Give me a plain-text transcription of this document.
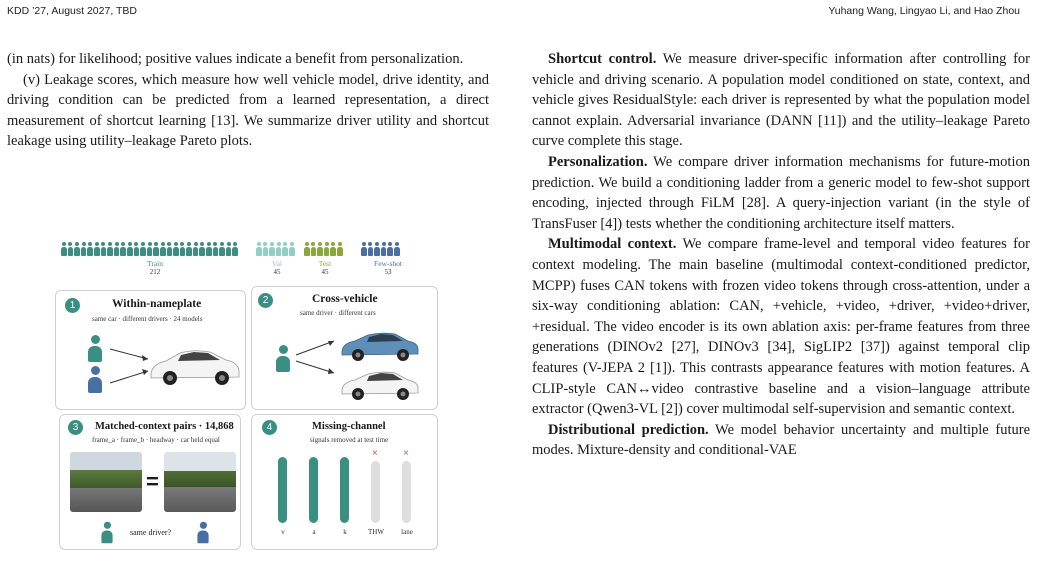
KDD ’27, August 2027, TBD	Yuhang Wang, Lingyao Li, and Hao Zhou

(in nats) for likelihood; positive values indicate a benefit from personalization.

(v) Leakage scores, which measure how well vehicle model, drive identity, and driving condition can be predicted from a learned representation, a direct measurement of shortcut learning [13]. We summarize driver utility and shortcut leakage using utility–leakage Pareto plots.

Train
212
Val
45
Test
45
Few-shot
53
1	Within-nameplate
same car · different drivers · 24 models
2	Cross-vehicle
same driver · different cars
3	Matched-context pairs · 14,868
frame_a · frame_b · headway · car held equal
=
same driver?
4	Missing-channel
signals removed at test time
v	a	k	THW
×
lane
×

Shortcut control. We measure driver-specific information after controlling for vehicle and driving scenario. A population model conditioned on state, context, and vehicle gives ResidualStyle: each driver is represented by what the population model cannot explain. Adversarial invariance (DANN [11]) and the utility–leakage Pareto curve complete this stage.

Personalization. We compare driver information mechanisms for future-motion prediction. We build a conditioning ladder from a generic model to few-shot support encoding, injected through FiLM [28]. A query-injection variant (in the style of TransFuser [4]) tests whether the conditioning architecture itself matters.

Multimodal context. We compare frame-level and temporal video features for context modeling. The main baseline (multimodal context-conditioned predictor, MCPP) fuses CAN tokens with frozen video tokens through cross-attention, under a six-way conditioning ablation: CAN, +vehicle, +video, +driver, +video+driver, +residual. The video encoder is its own ablation axis: per-frame features from three generations (DINOv2 [27], DINOv3 [34], SigLIP2 [37]) against temporal clip features (V-JEPA 2 [1]). This contrasts appearance features with motion features. A CLIP-style CAN↔video contrastive baseline and a vision–language attribute extractor (Qwen3-VL [2]) cover multimodal self-supervision and semantic context.

Distributional prediction. We model behavior uncertainty and multiple future modes. Mixture-density and conditional-VAE
